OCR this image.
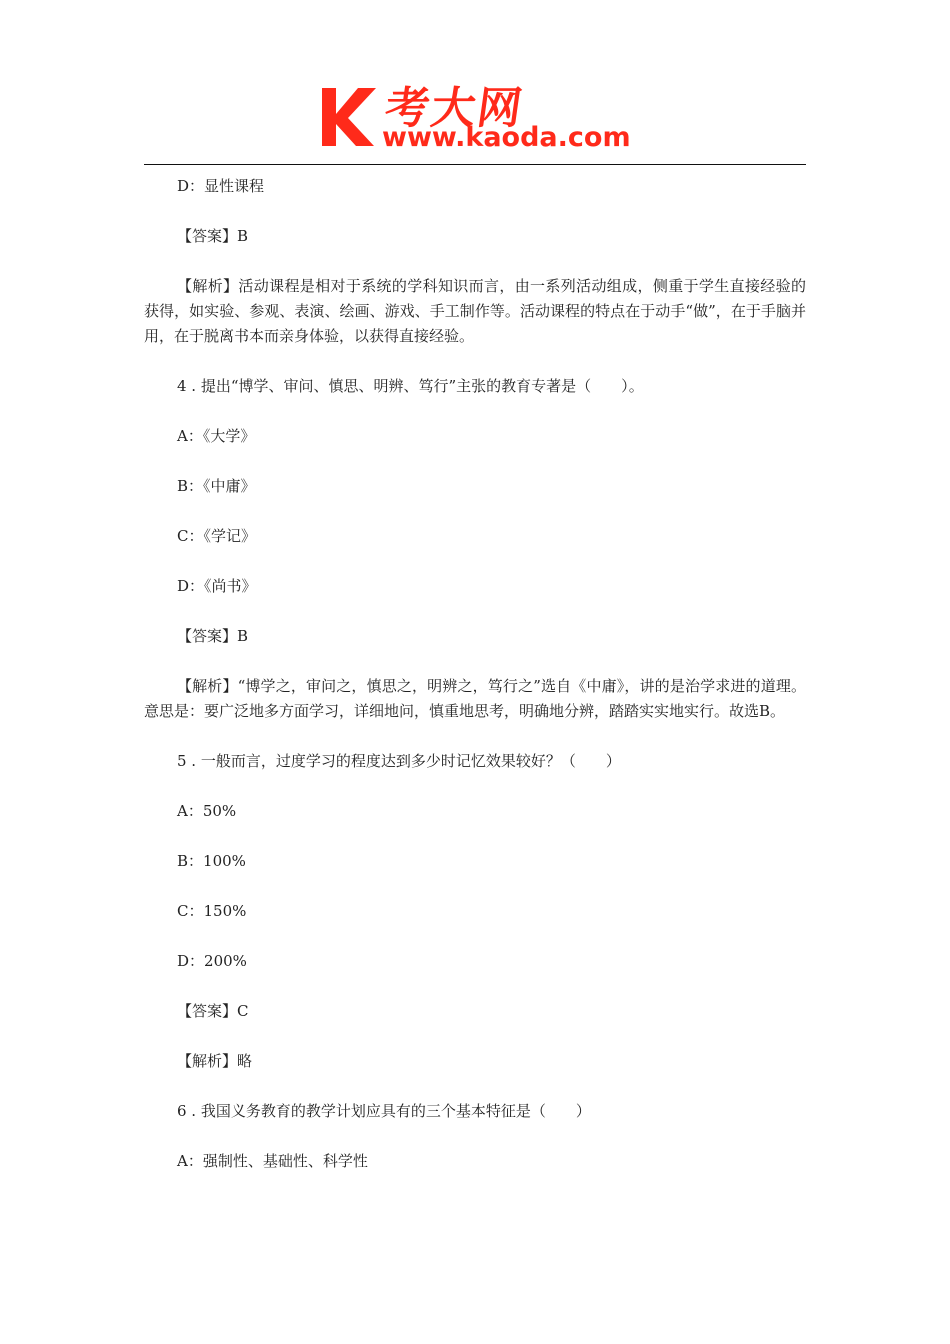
考大网
www.kaoda.com

D：显性课程

【答案】B

【解析】活动课程是相对于系统的学科知识而言，由一系列活动组成，侧重于学生直接经验的获得，如实验、参观、表演、绘画、游戏、手工制作等。活动课程的特点在于动手“做”，在于手脑并用，在于脱离书本而亲身体验，以获得直接经验。

4 . 提出“博学、审问、慎思、明辨、笃行”主张的教育专著是（　　）。

A：《大学》

B：《中庸》

C：《学记》

D：《尚书》

【答案】B

【解析】“博学之，审问之，慎思之，明辨之，笃行之”选自《中庸》，讲的是治学求进的道理。意思是：要广泛地多方面学习，详细地问，慎重地思考，明确地分辨，踏踏实实地实行。故选B。

5 . 一般而言，过度学习的程度达到多少时记忆效果较好？（　　）

A：50%

B：100%

C：150%

D：200%

【答案】C

【解析】略

6 . 我国义务教育的教学计划应具有的三个基本特征是（　　）

A：强制性、基础性、科学性
